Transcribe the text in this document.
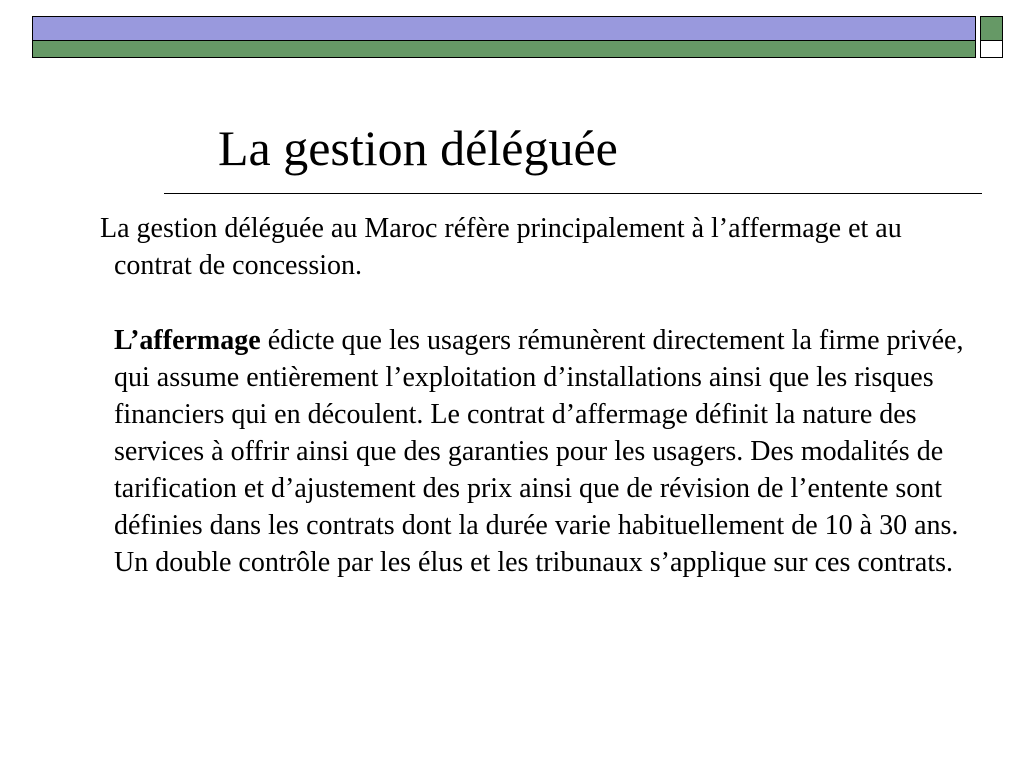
La gestion déléguée

La gestion déléguée au Maroc réfère principalement à l’affermage et au contrat de concession.

L’affermage édicte que les usagers rémunèrent directement la firme privée, qui assume entièrement l’exploitation d’installations ainsi que les risques financiers qui en découlent. Le contrat d’affermage définit la nature des services à offrir ainsi que des garanties pour les usagers. Des modalités de tarification et d’ajustement des prix ainsi que de révision de l’entente sont définies dans les contrats dont la durée varie habituellement de 10 à 30 ans. Un double contrôle par les élus et les tribunaux s’applique sur ces contrats.
